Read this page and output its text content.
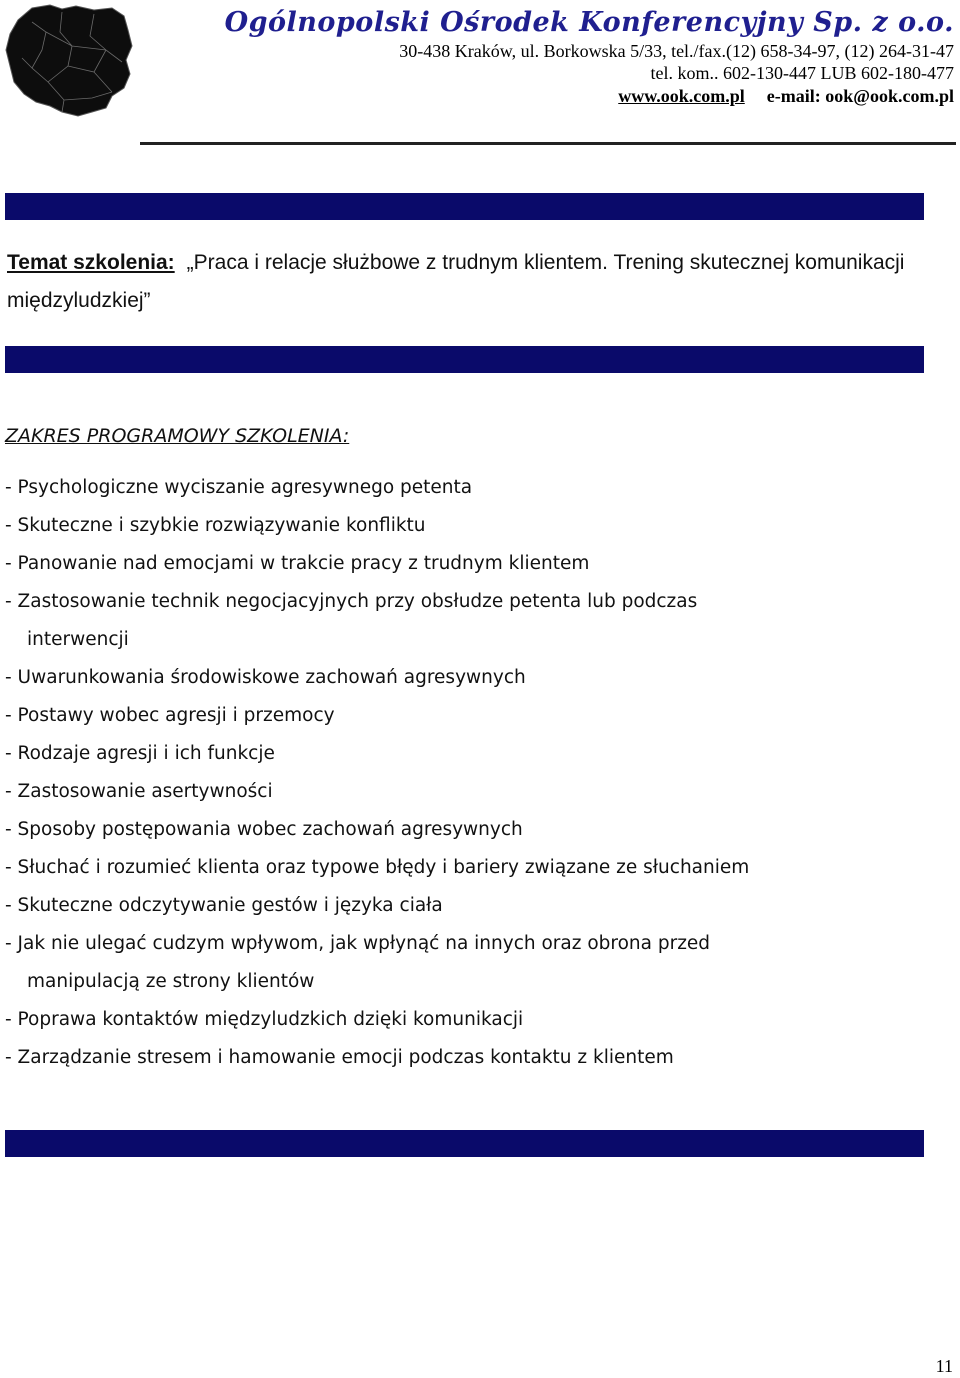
Ogólnopolski Ośrodek Konferencyjny Sp. z o.o.
30-438 Kraków, ul. Borkowska 5/33, tel./fax.(12) 658-34-97, (12) 264-31-47
tel. kom.. 602-130-447 LUB 602-180-477
www.ook.com.pl e-mail: ook@ook.com.pl
Temat szkolenia: „Praca i relacje służbowe z trudnym klientem. Trening skutecznej komunikacji międzyludzkiej”
ZAKRES PROGRAMOWY SZKOLENIA:
- Psychologiczne wyciszanie agresywnego petenta
- Skuteczne i szybkie rozwiązywanie konfliktu
- Panowanie nad emocjami w trakcie pracy z trudnym klientem
- Zastosowanie technik negocjacyjnych przy obsłudze petenta lub podczas
interwencji
- Uwarunkowania środowiskowe zachowań agresywnych
- Postawy wobec agresji i przemocy
- Rodzaje agresji i ich funkcje
- Zastosowanie asertywności
- Sposoby postępowania wobec zachowań agresywnych
- Słuchać i rozumieć klienta oraz typowe błędy i bariery związane ze słuchaniem
- Skuteczne odczytywanie gestów i języka ciała
- Jak nie ulegać cudzym wpływom, jak wpłynąć na innych oraz obrona przed
manipulacją ze strony klientów
- Poprawa kontaktów międzyludzkich dzięki komunikacji
- Zarządzanie stresem i hamowanie emocji podczas kontaktu z klientem
11
